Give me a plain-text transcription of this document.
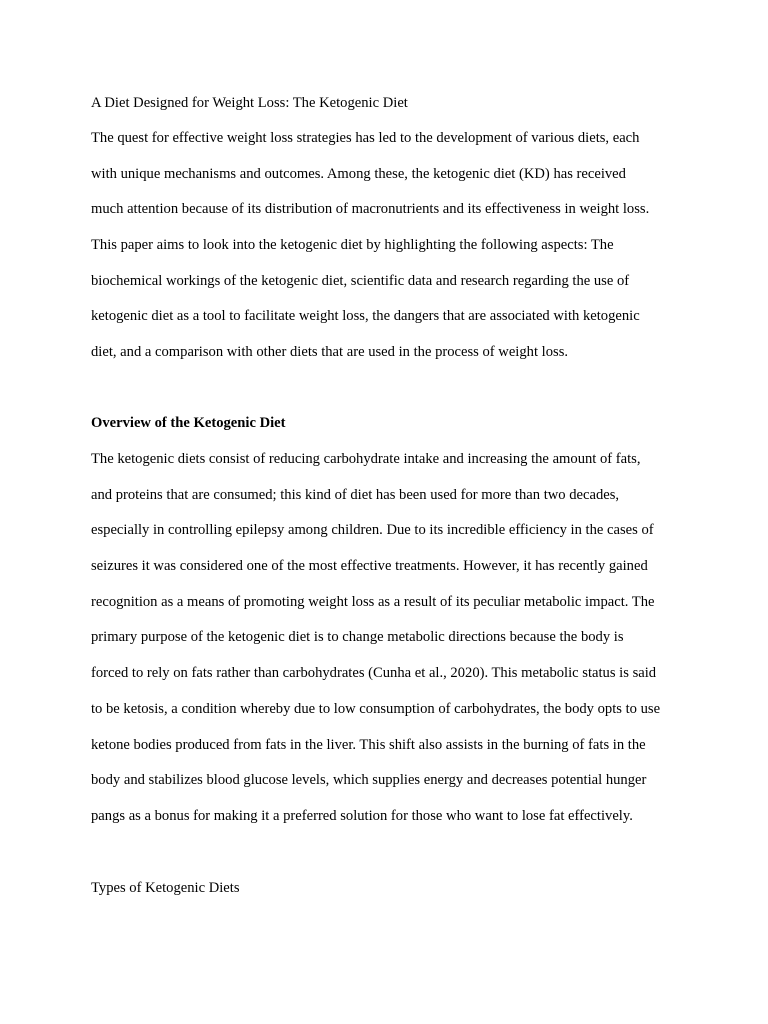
A Diet Designed for Weight Loss: The Ketogenic Diet

The quest for effective weight loss strategies has led to the development of various diets, each

with unique mechanisms and outcomes. Among these, the ketogenic diet (KD) has received

much attention because of its distribution of macronutrients and its effectiveness in weight loss.

This paper aims to look into the ketogenic diet by highlighting the following aspects: The

biochemical workings of the ketogenic diet, scientific data and research regarding the use of

ketogenic diet as a tool to facilitate weight loss, the dangers that are associated with ketogenic

diet, and a comparison with other diets that are used in the process of weight loss.

Overview of the Ketogenic Diet

The ketogenic diets consist of reducing carbohydrate intake and increasing the amount of fats,

and proteins that are consumed; this kind of diet has been used for more than two decades,

especially in controlling epilepsy among children. Due to its incredible efficiency in the cases of

seizures it was considered one of the most effective treatments. However, it has recently gained

recognition as a means of promoting weight loss as a result of its peculiar metabolic impact. The

primary purpose of the ketogenic diet is to change metabolic directions because the body is

forced to rely on fats rather than carbohydrates (Cunha et al., 2020). This metabolic status is said

to be ketosis, a condition whereby due to low consumption of carbohydrates, the body opts to use

ketone bodies produced from fats in the liver. This shift also assists in the burning of fats in the

body and stabilizes blood glucose levels, which supplies energy and decreases potential hunger

pangs as a bonus for making it a preferred solution for those who want to lose fat effectively.

Types of Ketogenic Diets
